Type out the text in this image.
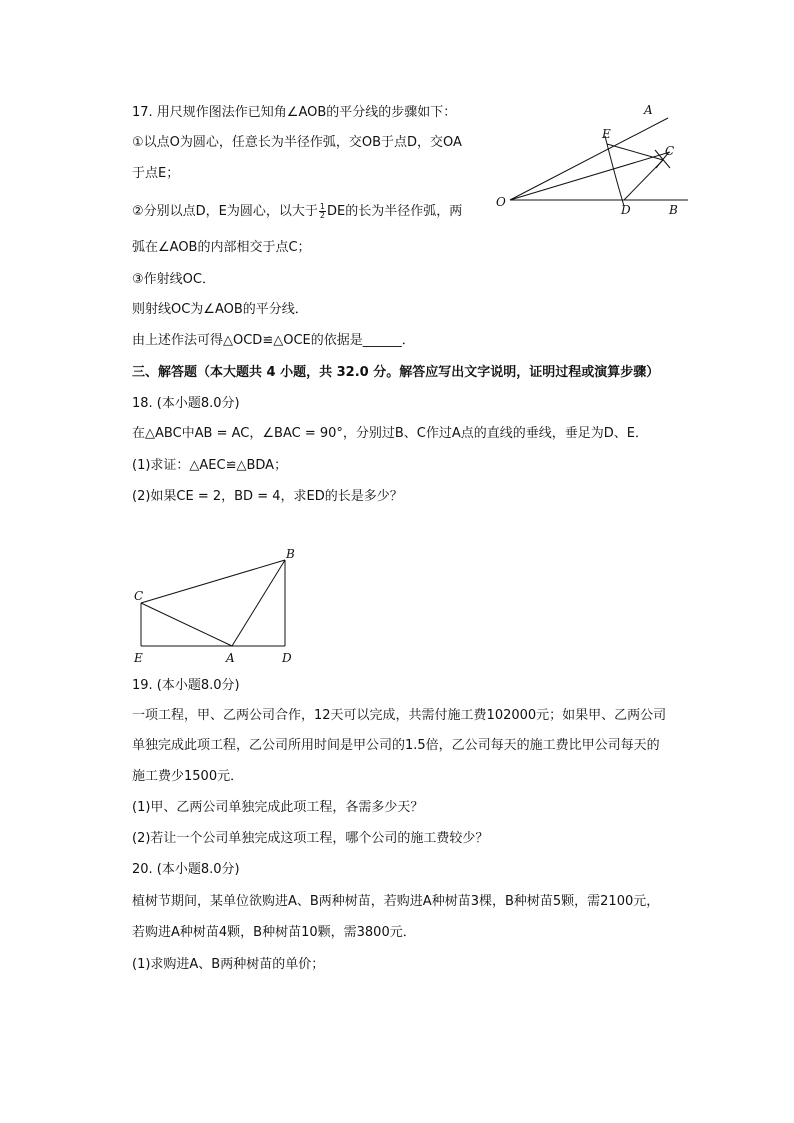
17. 用尺规作图法作已知角∠AOB的平分线的步骤如下：
①以点O为圆心，任意长为半径作弧，交OB于点D，交OA
于点E；
②分别以点D，E为圆心，以大于 $\frac{1}{2}$ DE的长为半径作弧，两
弧在∠AOB的内部相交于点C；
③作射线OC．
则射线OC为∠AOB的平分线．
由上述作法可得△OCD≌△OCE的依据是______．
A
E
C
O
D	B
三、解答题（本大题共 4 小题，共 32.0 分。解答应写出文字说明，证明过程或演算步骤）
18. (本小题8.0分)
在△ABC中AB = AC，∠BAC = 90°，分别过B、C作过A点的直线的垂线，垂足为D、E．
(1)求证：△AEC≌△BDA；
(2)如果CE = 2，BD = 4，求ED的长是多少？
B
C
E	A	D
19. (本小题8.0分)
一项工程，甲、乙两公司合作，12天可以完成，共需付施工费102000元；如果甲、乙两公司
单独完成此项工程，乙公司所用时间是甲公司的1.5倍，乙公司每天的施工费比甲公司每天的
施工费少1500元．
(1)甲、乙两公司单独完成此项工程，各需多少天？
(2)若让一个公司单独完成这项工程，哪个公司的施工费较少？
20. (本小题8.0分)
植树节期间，某单位欲购进A、B两种树苗，若购进A种树苗3棵，B种树苗5颗，需2100元，
若购进A种树苗4颗，B种树苗10颗，需3800元．
(1)求购进A、B两种树苗的单价；
